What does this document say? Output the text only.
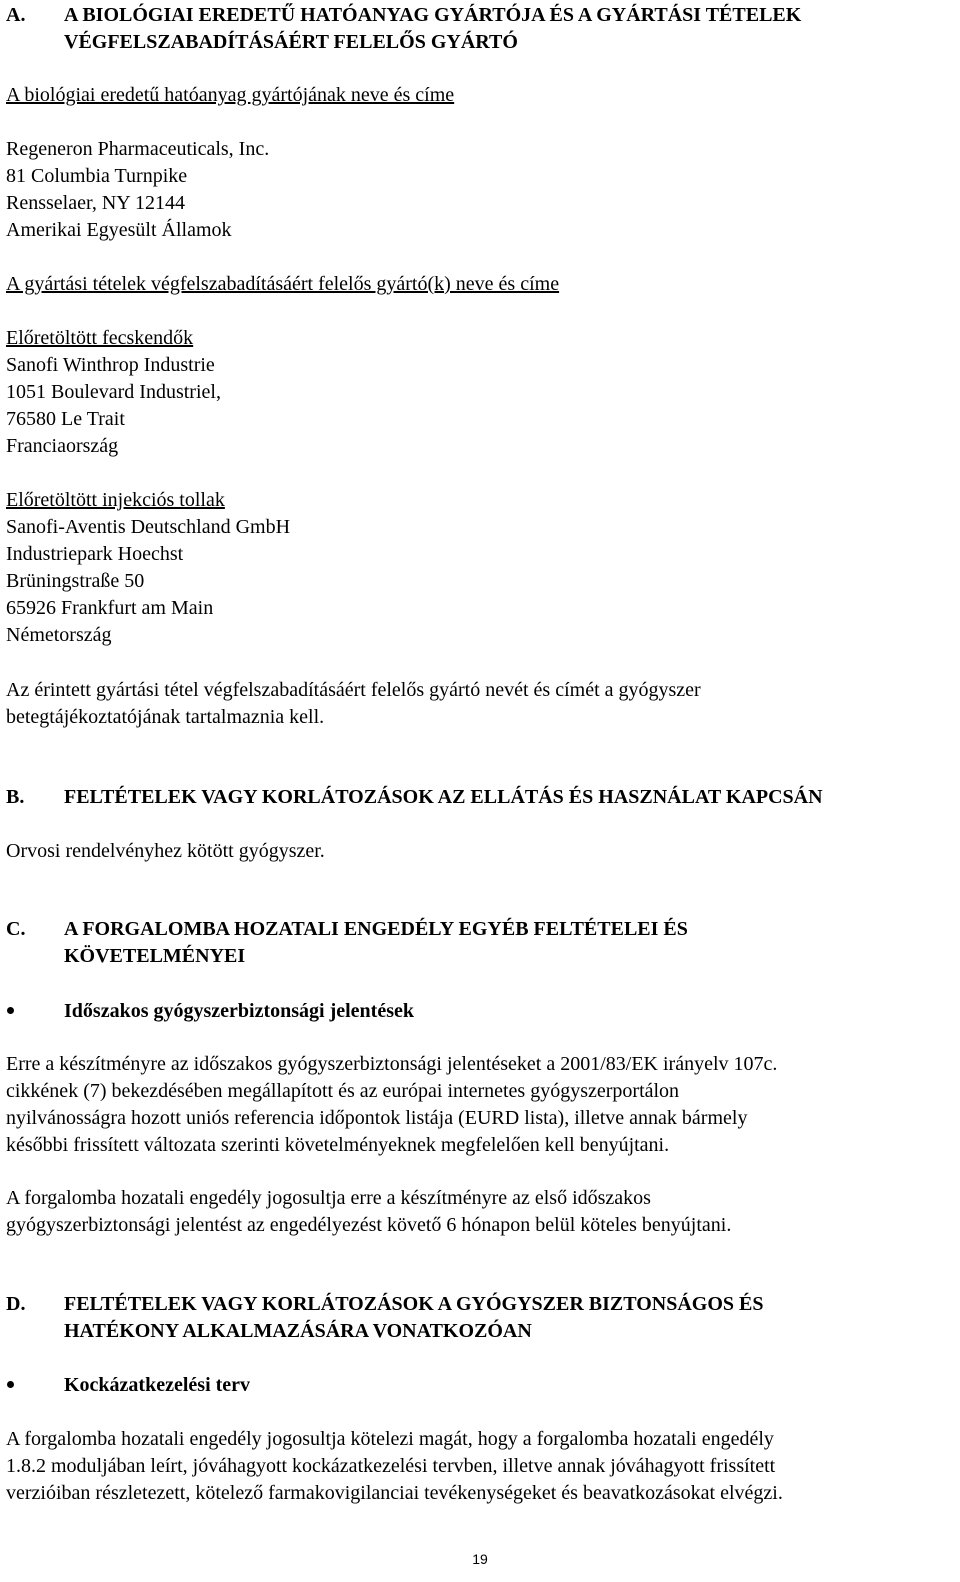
A. A BIOLÓGIAI EREDETŰ HATÓANYAG GYÁRTÓJA ÉS A GYÁRTÁSI TÉTELEK
VÉGFELSZABADÍTÁSÁÉRT FELELŐS GYÁRTÓ
A biológiai eredetű hatóanyag gyártójának neve és címe
Regeneron Pharmaceuticals, Inc.
81 Columbia Turnpike
Rensselaer, NY 12144
Amerikai Egyesült Államok
A gyártási tételek végfelszabadításáért felelős gyártó(k) neve és címe
Előretöltött fecskendők
Sanofi Winthrop Industrie
1051 Boulevard Industriel,
76580 Le Trait
Franciaország
Előretöltött injekciós tollak
Sanofi-Aventis Deutschland GmbH
Industriepark Hoechst
Brüningstraße 50
65926 Frankfurt am Main
Németország
Az érintett gyártási tétel végfelszabadításáért felelős gyártó nevét és címét a gyógyszer
betegtájékoztatójának tartalmaznia kell.
B. FELTÉTELEK VAGY KORLÁTOZÁSOK AZ ELLÁTÁS ÉS HASZNÁLAT KAPCSÁN
Orvosi rendelvényhez kötött gyógyszer.
C. A FORGALOMBA HOZATALI ENGEDÉLY EGYÉB FELTÉTELEI ÉS
KÖVETELMÉNYEI
Időszakos gyógyszerbiztonsági jelentések
Erre a készítményre az időszakos gyógyszerbiztonsági jelentéseket a 2001/83/EK irányelv 107c.
cikkének (7) bekezdésében megállapított és az európai internetes gyógyszerportálon
nyilvánosságra hozott uniós referencia időpontok listája (EURD lista), illetve annak bármely
későbbi frissített változata szerinti követelményeknek megfelelően kell benyújtani.
A forgalomba hozatali engedély jogosultja erre a készítményre az első időszakos
gyógyszerbiztonsági jelentést az engedélyezést követő 6 hónapon belül köteles benyújtani.
D. FELTÉTELEK VAGY KORLÁTOZÁSOK A GYÓGYSZER BIZTONSÁGOS ÉS
HATÉKONY ALKALMAZÁSÁRA VONATKOZÓAN
Kockázatkezelési terv
A forgalomba hozatali engedély jogosultja kötelezi magát, hogy a forgalomba hozatali engedély
1.8.2 moduljában leírt, jóváhagyott kockázatkezelési tervben, illetve annak jóváhagyott frissített
verzióiban részletezett, kötelező farmakovigilanciai tevékenységeket és beavatkozásokat elvégzi.
19
